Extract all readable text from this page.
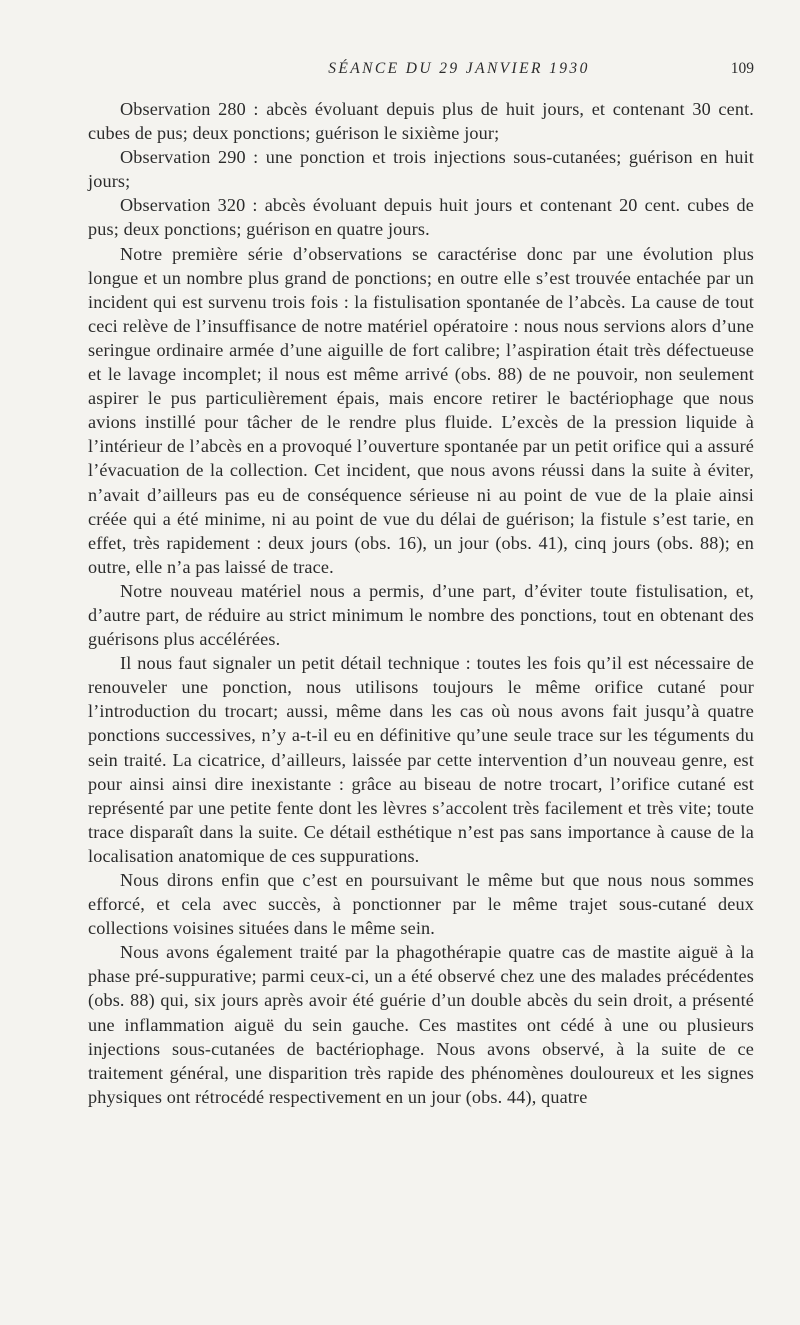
SÉANCE DU 29 JANVIER 1930	109

Observation 280 : abcès évoluant depuis plus de huit jours, et contenant 30 cent. cubes de pus; deux ponctions; guérison le sixième jour;

Observation 290 : une ponction et trois injections sous-cutanées; guérison en huit jours;

Observation 320 : abcès évoluant depuis huit jours et contenant 20 cent. cubes de pus; deux ponctions; guérison en quatre jours.

Notre première série d’observations se caractérise donc par une évolution plus longue et un nombre plus grand de ponctions; en outre elle s’est trouvée entachée par un incident qui est survenu trois fois : la fistulisation spontanée de l’abcès. La cause de tout ceci relève de l’insuffisance de notre matériel opératoire : nous nous servions alors d’une seringue ordinaire armée d’une aiguille de fort calibre; l’aspiration était très défectueuse et le lavage incomplet; il nous est même arrivé (obs. 88) de ne pouvoir, non seulement aspirer le pus particulièrement épais, mais encore retirer le bactériophage que nous avions instillé pour tâcher de le rendre plus fluide. L’excès de la pression liquide à l’intérieur de l’abcès en a provoqué l’ouverture spontanée par un petit orifice qui a assuré l’évacuation de la collection. Cet incident, que nous avons réussi dans la suite à éviter, n’avait d’ailleurs pas eu de conséquence sérieuse ni au point de vue de la plaie ainsi créée qui a été minime, ni au point de vue du délai de guérison; la fistule s’est tarie, en effet, très rapidement : deux jours (obs. 16), un jour (obs. 41), cinq jours (obs. 88); en outre, elle n’a pas laissé de trace.

Notre nouveau matériel nous a permis, d’une part, d’éviter toute fistulisation, et, d’autre part, de réduire au strict minimum le nombre des ponctions, tout en obtenant des guérisons plus accélérées.

Il nous faut signaler un petit détail technique : toutes les fois qu’il est nécessaire de renouveler une ponction, nous utilisons toujours le même orifice cutané pour l’introduction du trocart; aussi, même dans les cas où nous avons fait jusqu’à quatre ponctions successives, n’y a-t-il eu en définitive qu’une seule trace sur les téguments du sein traité. La cicatrice, d’ailleurs, laissée par cette intervention d’un nouveau genre, est pour ainsi ainsi dire inexistante : grâce au biseau de notre trocart, l’orifice cutané est représenté par une petite fente dont les lèvres s’accolent très facilement et très vite; toute trace disparaît dans la suite. Ce détail esthétique n’est pas sans importance à cause de la localisation anatomique de ces suppurations.

Nous dirons enfin que c’est en poursuivant le même but que nous nous sommes efforcé, et cela avec succès, à ponctionner par le même trajet sous-cutané deux collections voisines situées dans le même sein.

Nous avons également traité par la phagothérapie quatre cas de mastite aiguë à la phase pré-suppurative; parmi ceux-ci, un a été observé chez une des malades précédentes (obs. 88) qui, six jours après avoir été guérie d’un double abcès du sein droit, a présenté une inflammation aiguë du sein gauche. Ces mastites ont cédé à une ou plusieurs injections sous-cutanées de bactériophage. Nous avons observé, à la suite de ce traitement général, une disparition très rapide des phénomènes douloureux et les signes physiques ont rétrocédé respectivement en un jour (obs. 44), quatre
